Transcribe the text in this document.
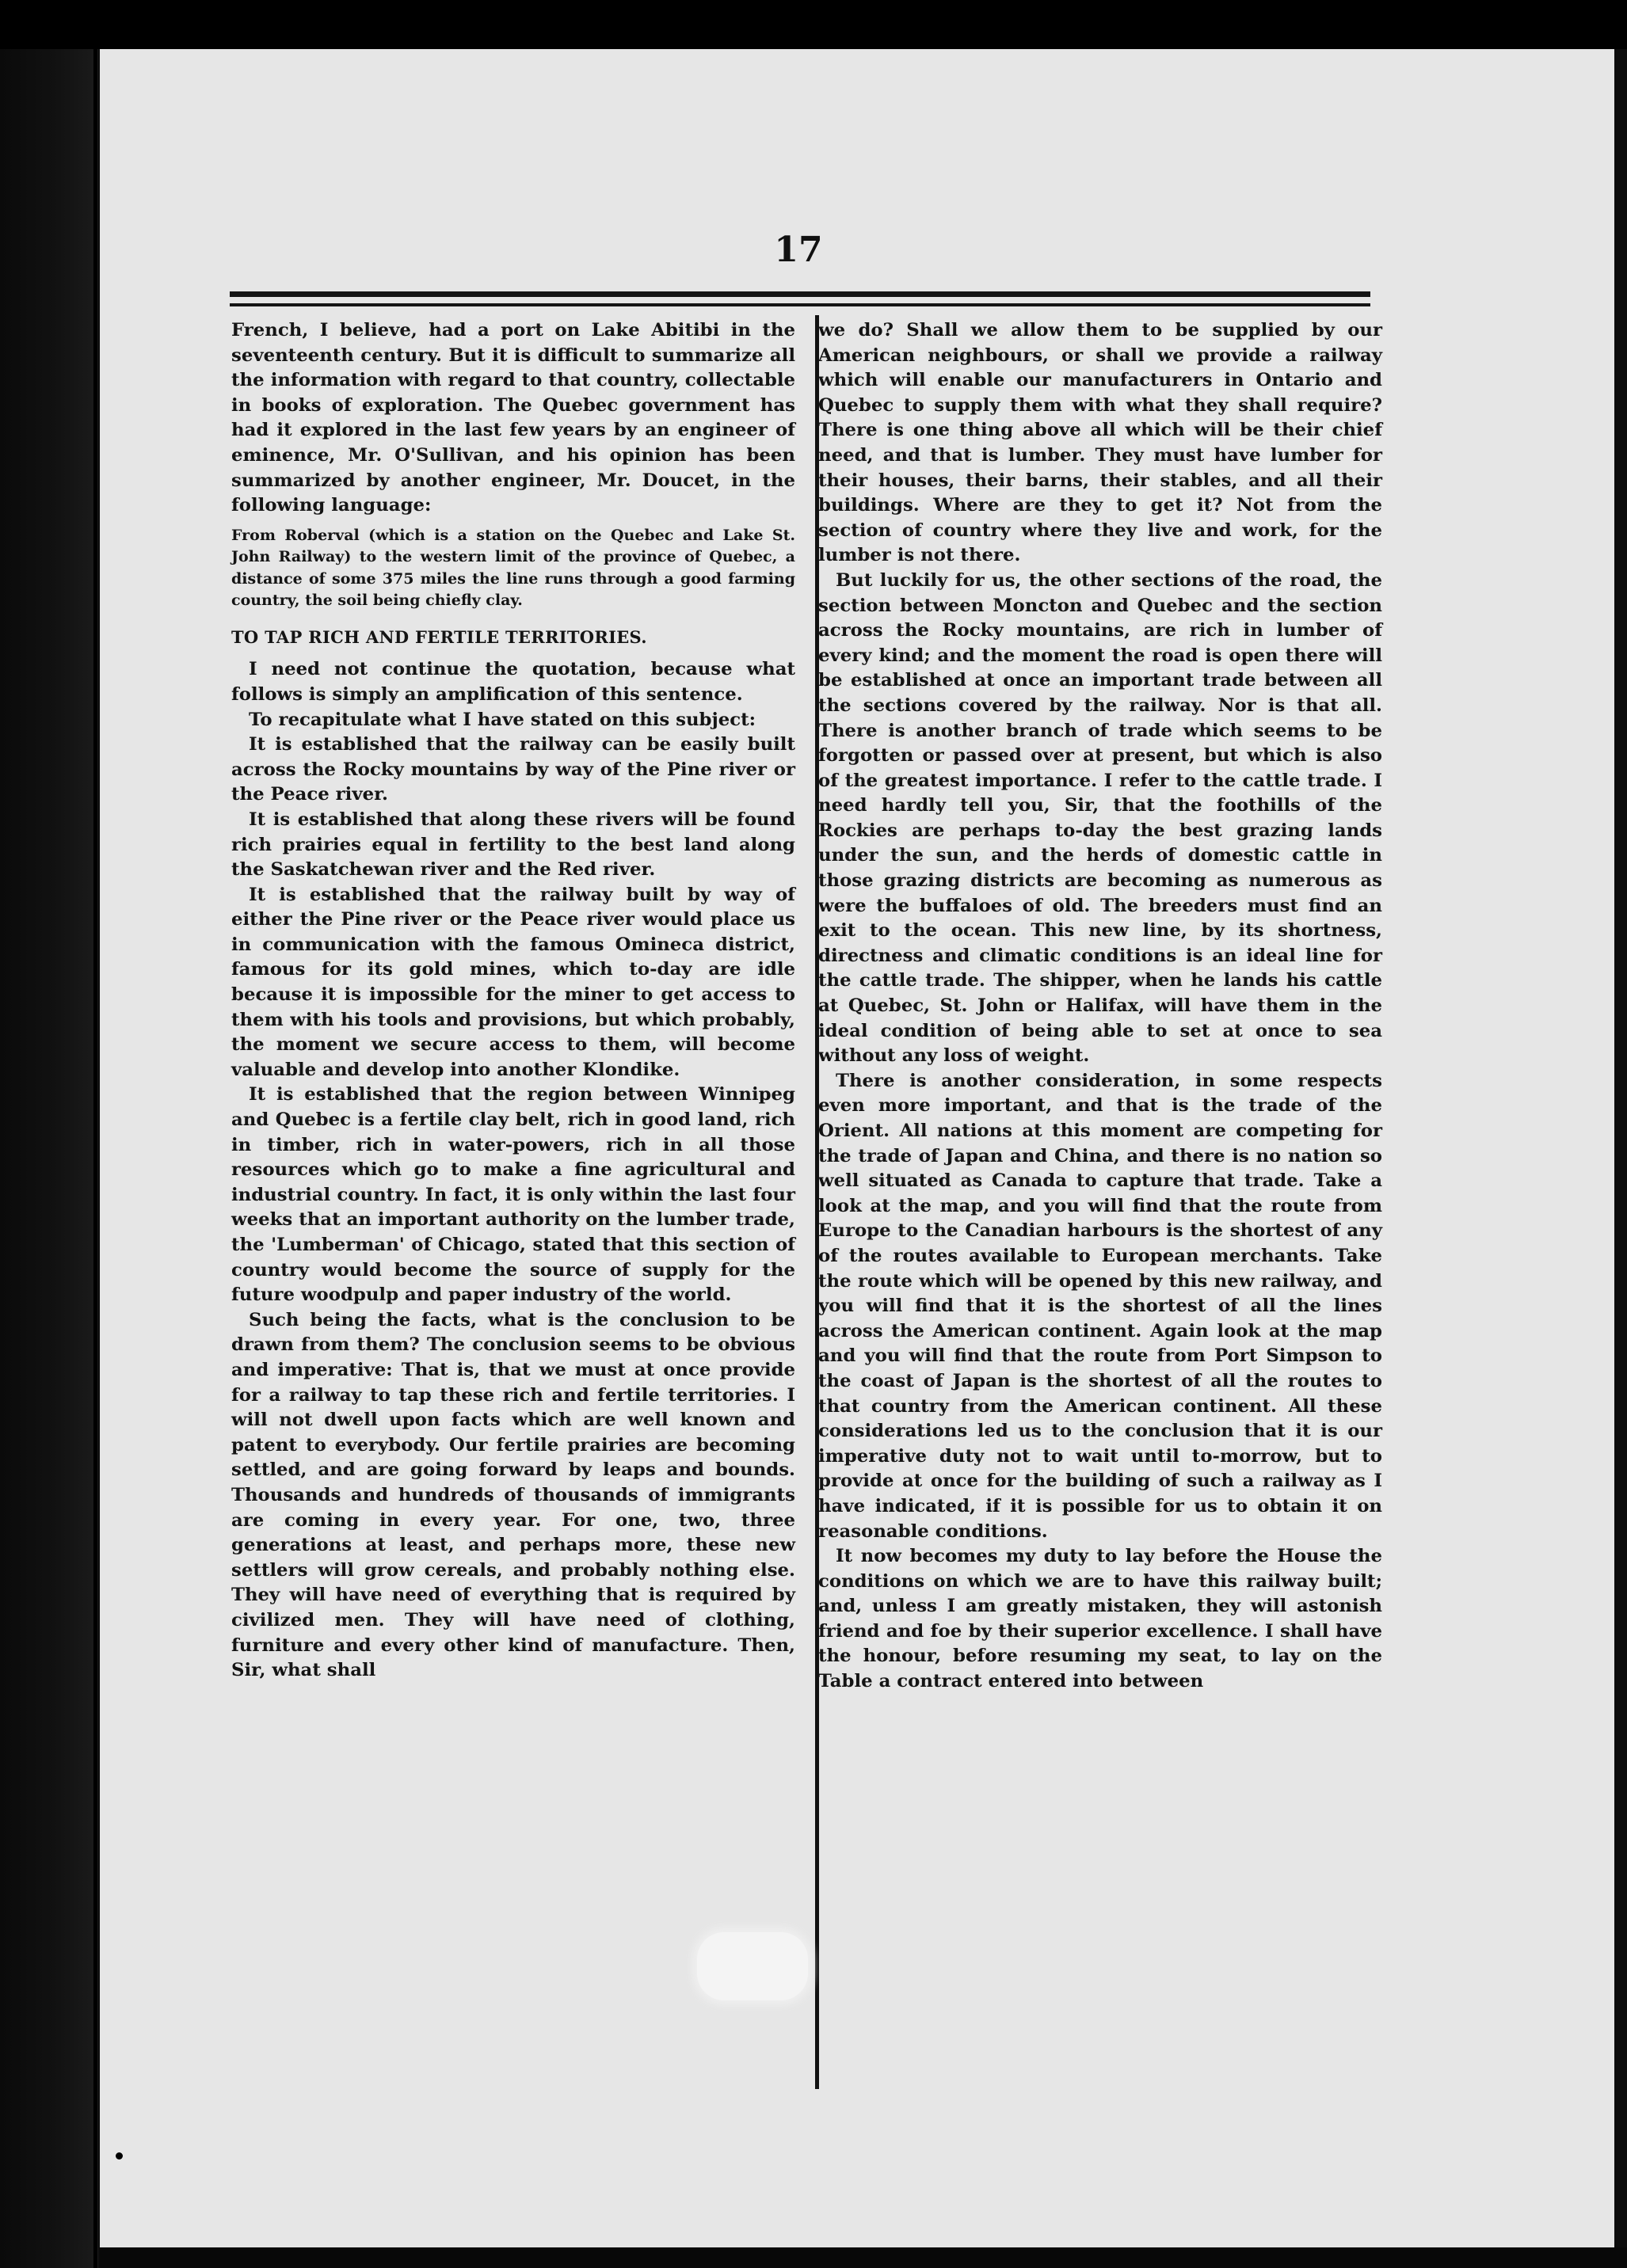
17

French, I believe, had a port on Lake Abitibi in the seventeenth century. But it is difficult to summarize all the information with regard to that country, collectable in books of exploration. The Quebec government has had it explored in the last few years by an engineer of eminence, Mr. O'Sullivan, and his opinion has been summarized by another engineer, Mr. Doucet, in the following language:

From Roberval (which is a station on the Quebec and Lake St. John Railway) to the western limit of the province of Quebec, a distance of some 375 miles the line runs through a good farming country, the soil being chiefly clay.

TO TAP RICH AND FERTILE TERRITORIES.

I need not continue the quotation, because what follows is simply an amplification of this sentence.

To recapitulate what I have stated on this subject:

It is established that the railway can be easily built across the Rocky mountains by way of the Pine river or the Peace river.

It is established that along these rivers will be found rich prairies equal in fertility to the best land along the Saskatchewan river and the Red river.

It is established that the railway built by way of either the Pine river or the Peace river would place us in communication with the famous Omineca district, famous for its gold mines, which to-day are idle because it is impossible for the miner to get access to them with his tools and provisions, but which probably, the moment we secure access to them, will become valuable and develop into another Klondike.

It is established that the region between Winnipeg and Quebec is a fertile clay belt, rich in good land, rich in timber, rich in water-powers, rich in all those resources which go to make a fine agricultural and industrial country. In fact, it is only within the last four weeks that an important authority on the lumber trade, the 'Lumberman' of Chicago, stated that this section of country would become the source of supply for the future woodpulp and paper industry of the world.

Such being the facts, what is the conclusion to be drawn from them? The conclusion seems to be obvious and imperative: That is, that we must at once provide for a railway to tap these rich and fertile territories. I will not dwell upon facts which are well known and patent to everybody. Our fertile prairies are becoming settled, and are going forward by leaps and bounds. Thousands and hundreds of thousands of immigrants are coming in every year. For one, two, three generations at least, and perhaps more, these new settlers will grow cereals, and probably nothing else. They will have need of everything that is required by civilized men. They will have need of clothing, furniture and every other kind of manufacture. Then, Sir, what shall

we do? Shall we allow them to be supplied by our American neighbours, or shall we provide a railway which will enable our manufacturers in Ontario and Quebec to supply them with what they shall require? There is one thing above all which will be their chief need, and that is lumber. They must have lumber for their houses, their barns, their stables, and all their buildings. Where are they to get it? Not from the section of country where they live and work, for the lumber is not there.

But luckily for us, the other sections of the road, the section between Moncton and Quebec and the section across the Rocky mountains, are rich in lumber of every kind; and the moment the road is open there will be established at once an important trade between all the sections covered by the railway. Nor is that all. There is another branch of trade which seems to be forgotten or passed over at present, but which is also of the greatest importance. I refer to the cattle trade. I need hardly tell you, Sir, that the foothills of the Rockies are perhaps to-day the best grazing lands under the sun, and the herds of domestic cattle in those grazing districts are becoming as numerous as were the buffaloes of old. The breeders must find an exit to the ocean. This new line, by its shortness, directness and climatic conditions is an ideal line for the cattle trade. The shipper, when he lands his cattle at Quebec, St. John or Halifax, will have them in the ideal condition of being able to set at once to sea without any loss of weight.

There is another consideration, in some respects even more important, and that is the trade of the Orient. All nations at this moment are competing for the trade of Japan and China, and there is no nation so well situated as Canada to capture that trade. Take a look at the map, and you will find that the route from Europe to the Canadian harbours is the shortest of any of the routes available to European merchants. Take the route which will be opened by this new railway, and you will find that it is the shortest of all the lines across the American continent. Again look at the map and you will find that the route from Port Simpson to the coast of Japan is the shortest of all the routes to that country from the American continent. All these considerations led us to the conclusion that it is our imperative duty not to wait until to-morrow, but to provide at once for the building of such a railway as I have indicated, if it is possible for us to obtain it on reasonable conditions.

It now becomes my duty to lay before the House the conditions on which we are to have this railway built; and, unless I am greatly mistaken, they will astonish friend and foe by their superior excellence. I shall have the honour, before resuming my seat, to lay on the Table a contract entered into between
